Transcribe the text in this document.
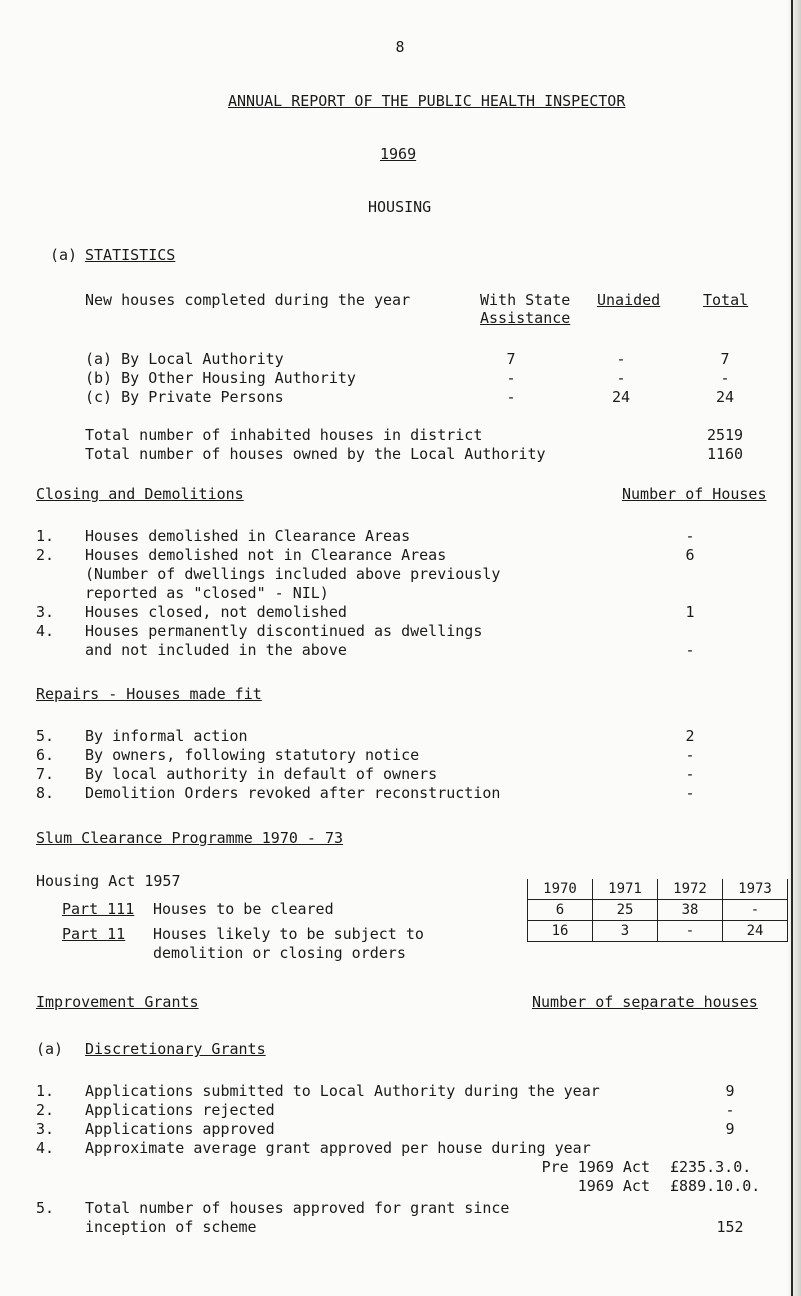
8
ANNUAL REPORT OF THE PUBLIC HEALTH INSPECTOR
1969
HOUSING
(a) STATISTICS
New houses completed during the year	With State
Assistance
Unaided	Total
(a) By Local Authority	7	-	7
(b) By Other Housing Authority	-	-	-
(c) By Private Persons	-	24	24
Total number of inhabited houses in district	2519
Total number of houses owned by the Local Authority	1160
Closing and Demolitions	Number of Houses
1. Houses demolished in Clearance Areas	-
2. Houses demolished not in Clearance Areas	6
(Number of dwellings included above previously
reported as "closed" - NIL)
3. Houses closed, not demolished	1
4. Houses permanently discontinued as dwellings
and not included in the above	-
Repairs - Houses made fit
5. By informal action	2
6. By owners, following statutory notice	-
7. By local authority in default of owners	-
8. Demolition Orders revoked after reconstruction	-
Slum Clearance Programme 1970 - 73
Housing Act 1957
Part 111 Houses to be cleared
Part 11 Houses likely to be subject to
demolition or closing orders
1970	1971	1972	1973
6	25	38	-
16	3	-	24
Improvement Grants	Number of separate houses
(a) Discretionary Grants
1. Applications submitted to Local Authority during the year	9
2. Applications rejected	-
3. Applications approved	9
4. Approximate average grant approved per house during year
Pre 1969 Act £235.3.0.
1969 Act £889.10.0.
5. Total number of houses approved for grant since
inception of scheme	152
